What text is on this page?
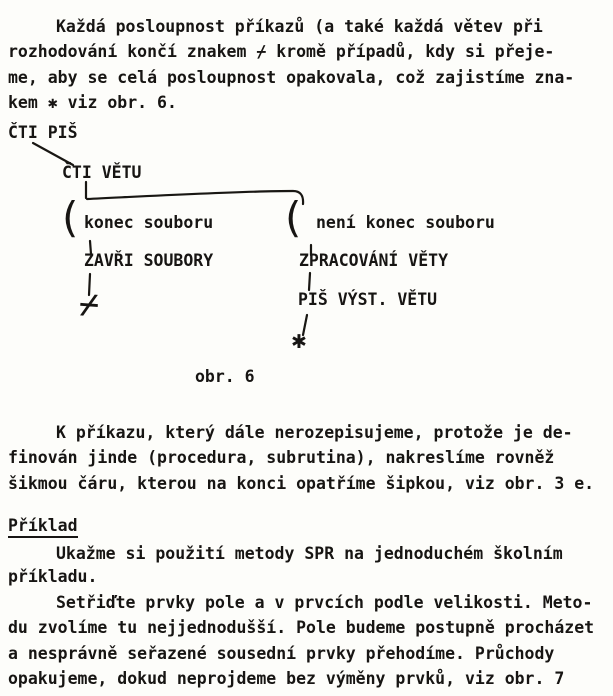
Každá posloupnost příkazů (a také každá větev při
rozhodování končí znakem ⌿ kromě případů, kdy si přeje-
me, aby se celá posloupnost opakovala, což zajistíme zna-
kem ✱ viz obr. 6.
ČTI PIŠ
ČTI VĚTU
( konec souboru
ZAVŘI SOUBORY
⌿
( není konec souboru
ZPRACOVÁNÍ VĚTY
PIŠ VÝST. VĚTU
✱
obr. 6
K příkazu, který dále nerozepisujeme, protože je de-
finován jinde (procedura, subrutina), nakreslíme rovněž
šikmou čáru, kterou na konci opatříme šipkou, viz obr. 3 e.
Příklad
Ukažme si použití metody SPR na jednoduchém školním
příkladu.
Setřiďte prvky pole a v prvcích podle velikosti. Meto-
du zvolíme tu nejjednodušší. Pole budeme postupně procházet
a nesprávně seřazené sousední prvky přehodíme. Průchody
opakujeme, dokud neprojdeme bez výměny prvků, viz obr. 7
